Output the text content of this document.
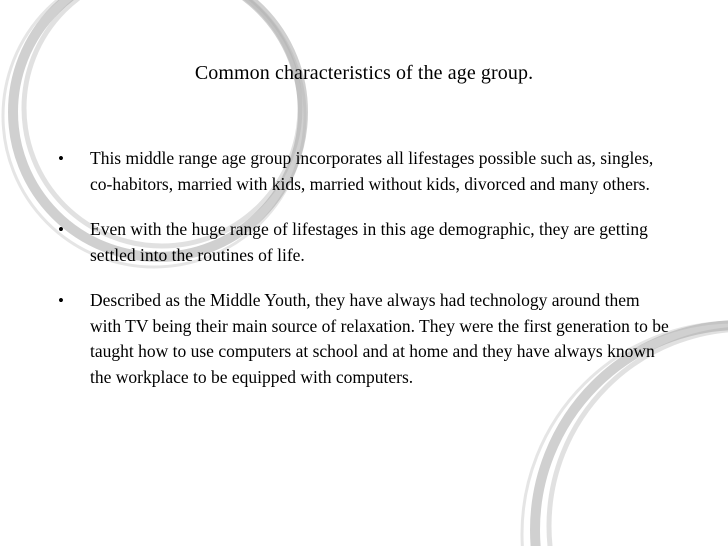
Common characteristics of the age group.
• This middle range age group incorporates all lifestages possible such as, singles, co-habitors, married with kids, married without kids, divorced and many others.
• Even with the huge range of lifestages in this age demographic, they are getting settled into the routines of life.
• Described as the Middle Youth, they have always had technology around them with TV being their main source of relaxation. They were the first generation to be taught how to use computers at school and at home and they have always known the workplace to be equipped with computers.
